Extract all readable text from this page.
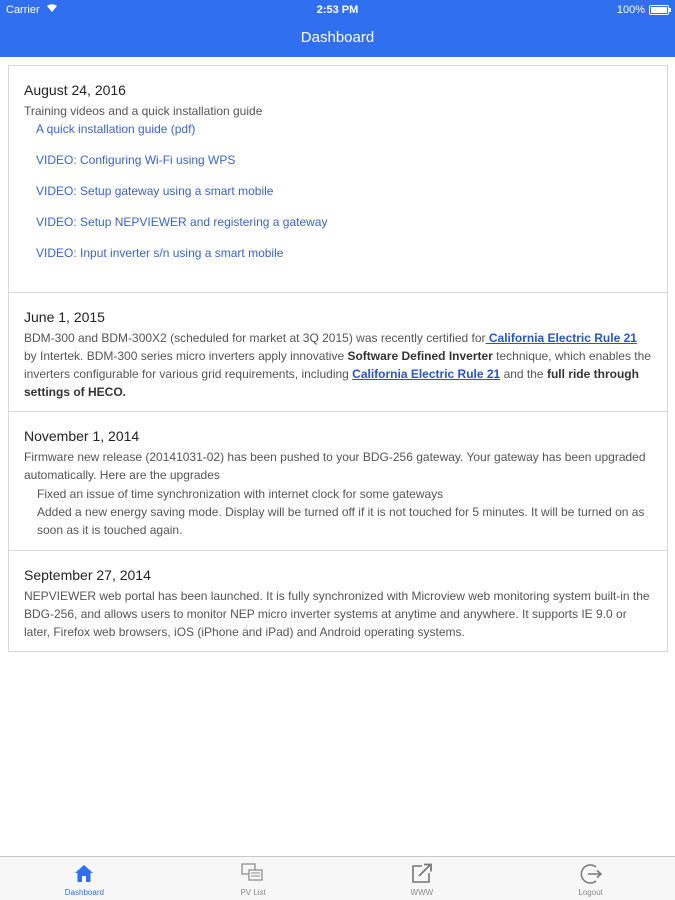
Carrier	2:53 PM	100%
Dashboard
August 24, 2016
Training videos and a quick installation guide
A quick installation guide (pdf)
VIDEO: Configuring Wi-Fi using WPS
VIDEO: Setup gateway using a smart mobile
VIDEO: Setup NEPVIEWER and registering a gateway
VIDEO: Input inverter s/n using a smart mobile
June 1, 2015
BDM-300 and BDM-300X2 (scheduled for market at 3Q 2015) was recently certified for California Electric Rule 21 by Intertek. BDM-300 series micro inverters apply innovative Software Defined Inverter technique, which enables the inverters configurable for various grid requirements, including California Electric Rule 21 and the full ride through settings of HECO.
November 1, 2014
Firmware new release (20141031-02) has been pushed to your BDG-256 gateway. Your gateway has been upgraded automatically. Here are the upgrades
Fixed an issue of time synchronization with internet clock for some gateways
Added a new energy saving mode. Display will be turned off if it is not touched for 5 minutes. It will be turned on as soon as it is touched again.
September 27, 2014
NEPVIEWER web portal has been launched. It is fully synchronized with Microview web monitoring system built-in the BDG-256, and allows users to monitor NEP micro inverter systems at anytime and anywhere. It supports IE 9.0 or later, Firefox web browsers, iOS (iPhone and iPad) and Android operating systems.
Dashboard	PV List	WWW	Logout
